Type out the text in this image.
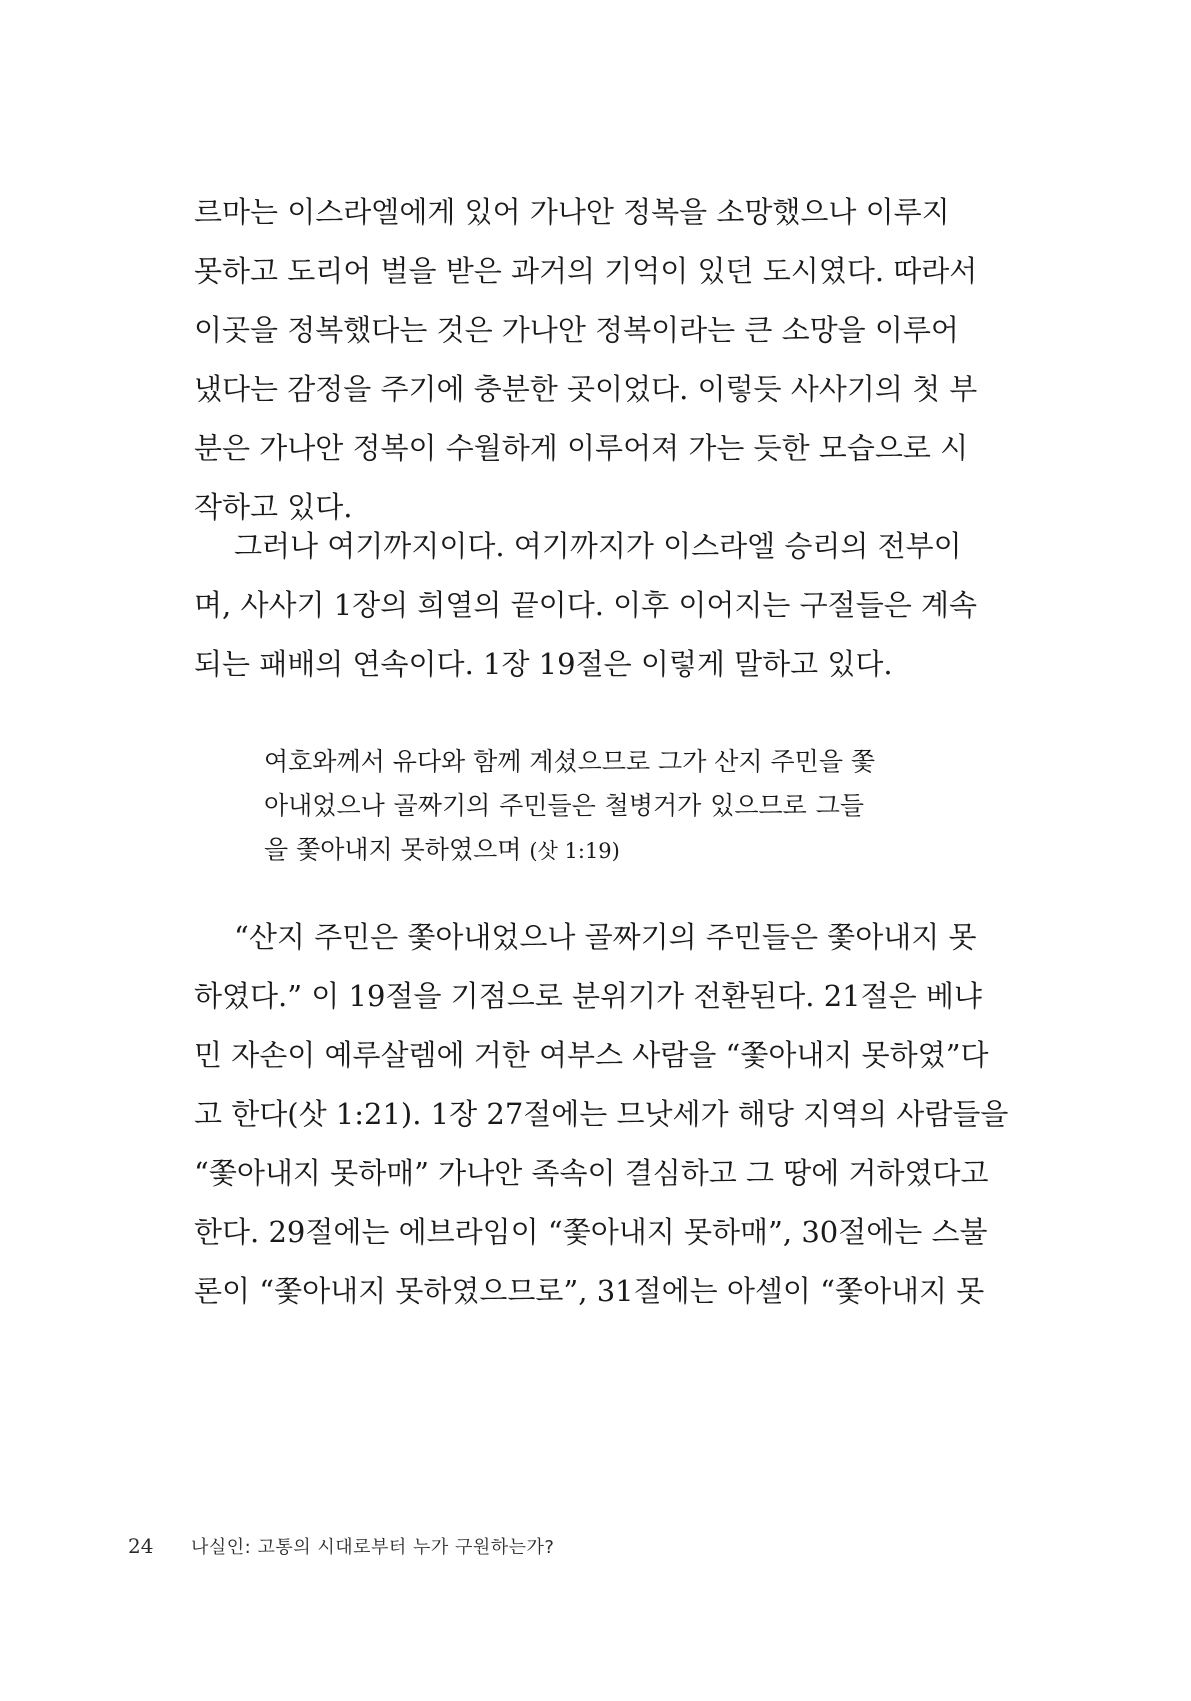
르마는 이스라엘에게 있어 가나안 정복을 소망했으나 이루지
못하고 도리어 벌을 받은 과거의 기억이 있던 도시였다. 따라서
이곳을 정복했다는 것은 가나안 정복이라는 큰 소망을 이루어
냈다는 감정을 주기에 충분한 곳이었다. 이렇듯 사사기의 첫 부
분은 가나안 정복이 수월하게 이루어져 가는 듯한 모습으로 시
작하고 있다.
그러나 여기까지이다. 여기까지가 이스라엘 승리의 전부이
며, 사사기 1장의 희열의 끝이다. 이후 이어지는 구절들은 계속
되는 패배의 연속이다. 1장 19절은 이렇게 말하고 있다.
여호와께서 유다와 함께 계셨으므로 그가 산지 주민을 쫓
아내었으나 골짜기의 주민들은 철병거가 있으므로 그들
을 쫓아내지 못하였으며 (삿 1:19)
“산지 주민은 쫓아내었으나 골짜기의 주민들은 쫓아내지 못
하였다.” 이 19절을 기점으로 분위기가 전환된다. 21절은 베냐
민 자손이 예루살렘에 거한 여부스 사람을 “쫓아내지 못하였”다
고 한다(삿 1:21). 1장 27절에는 므낫세가 해당 지역의 사람들을
“쫓아내지 못하매” 가나안 족속이 결심하고 그 땅에 거하였다고
한다. 29절에는 에브라임이 “쫓아내지 못하매”, 30절에는 스불
론이 “쫓아내지 못하였으므로”, 31절에는 아셀이 “쫓아내지 못
24 나실인: 고통의 시대로부터 누가 구원하는가?
